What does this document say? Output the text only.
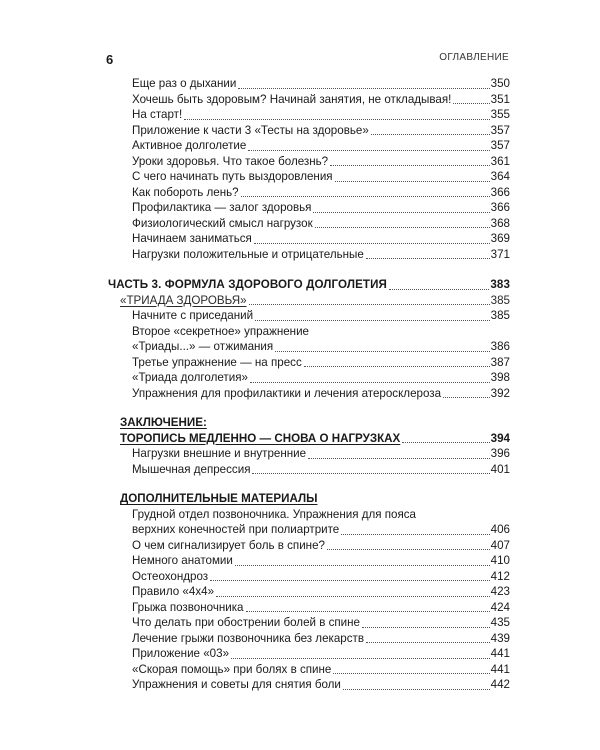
6	ОГЛАВЛЕНИЕ
Еще раз о дыхании	350
Хочешь быть здоровым? Начинай занятия, не откладывая!	351
На старт!	355
Приложение к части 3 «Тесты на здоровье»	357
Активное долголетие	357
Уроки здоровья. Что такое болезнь?	361
С чего начинать путь выздоровления	364
Как побороть лень?	366
Профилактика — залог здоровья	366
Физиологический смысл нагрузок	368
Начинаем заниматься	369
Нагрузки положительные и отрицательные	371
ЧАСТЬ 3. ФОРМУЛА ЗДОРОВОГО ДОЛГОЛЕТИЯ	383
«ТРИАДА ЗДОРОВЬЯ»	385
Начните с приседаний	385
Второе «секретное» упражнение
«Триады...» — отжимания	386
Третье упражнение — на пресс	387
«Триада долголетия»	398
Упражнения для профилактики и лечения атеросклероза	392
ЗАКЛЮЧЕНИЕ:
ТОРОПИСЬ МЕДЛЕННО — СНОВА О НАГРУЗКАХ	394
Нагрузки внешние и внутренние	396
Мышечная депрессия	401
ДОПОЛНИТЕЛЬНЫЕ МАТЕРИАЛЫ
Грудной отдел позвоночника. Упражнения для пояса
верхних конечностей при полиартрите	406
О чем сигнализирует боль в спине?	407
Немного анатомии	410
Остеохондроз	412
Правило «4x4»	423
Грыжа позвоночника	424
Что делать при обострении болей в спине	435
Лечение грыжи позвоночника без лекарств	439
Приложение «03»	441
«Скорая помощь» при болях в спине	441
Упражнения и советы для снятия боли	442
